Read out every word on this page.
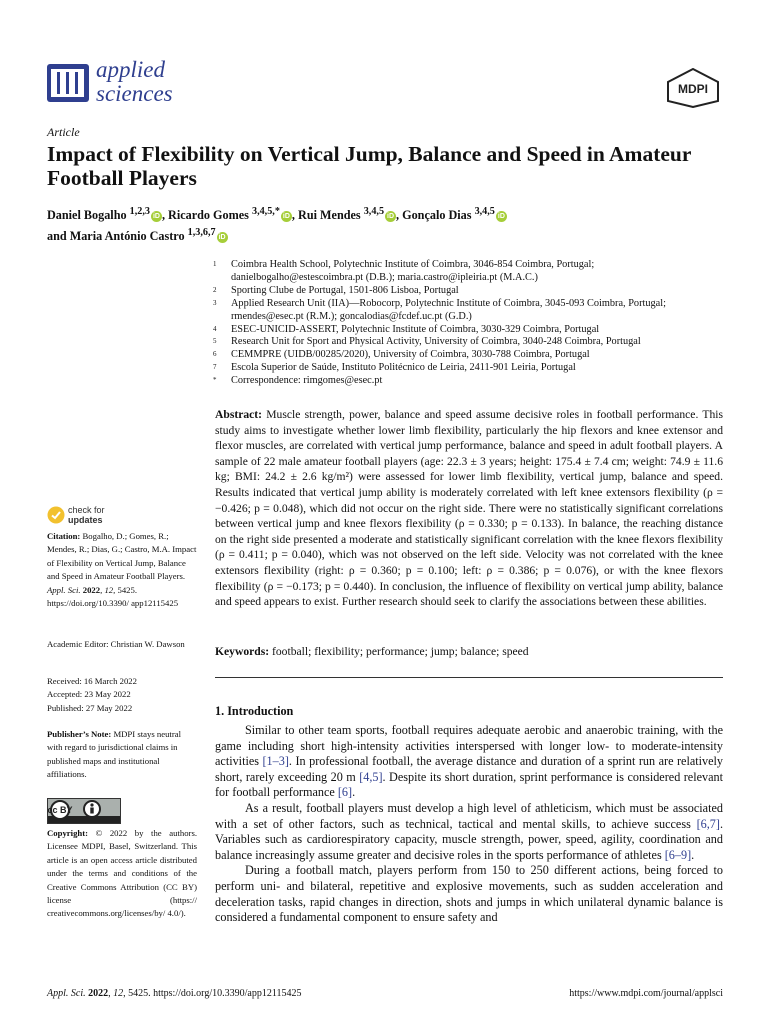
applied
sciences	MDPI
Article
Impact of Flexibility on Vertical Jump, Balance and Speed in Amateur Football Players
Daniel Bogalho $^{1,2,3}$ iD , Ricardo Gomes $^{3,4,5,*}$ iD , Rui Mendes $^{3,4,5}$ iD , Gonçalo Dias $^{3,4,5}$ iD
and Maria António Castro $^{1,3,6,7}$ iD
1	Coimbra Health School, Polytechnic Institute of Coimbra, 3046-854 Coimbra, Portugal;
danielbogalho@estescoimbra.pt (D.B.); maria.castro@ipleiria.pt (M.A.C.)
2	Sporting Clube de Portugal, 1501-806 Lisboa, Portugal
3	Applied Research Unit (IIA)—Robocorp, Polytechnic Institute of Coimbra, 3045-093 Coimbra, Portugal;
rmendes@esec.pt (R.M.); goncalodias@fcdef.uc.pt (G.D.)
4	ESEC-UNICID-ASSERT, Polytechnic Institute of Coimbra, 3030-329 Coimbra, Portugal
5	Research Unit for Sport and Physical Activity, University of Coimbra, 3040-248 Coimbra, Portugal
6	CEMMPRE (UIDB/00285/2020), University of Coimbra, 3030-788 Coimbra, Portugal
7	Escola Superior de Saúde, Instituto Politécnico de Leiria, 2411-901 Leiria, Portugal
*	Correspondence: rimgomes@esec.pt
Abstract: Muscle strength, power, balance and speed assume decisive roles in football performance. This study aims to investigate whether lower limb flexibility, particularly the hip flexors and knee extensor and flexor muscles, are correlated with vertical jump performance, balance and speed in adult football players. A sample of 22 male amateur football players (age: 22.3 ± 3 years; height: 175.4 ± 7.4 cm; weight: 74.9 ± 11.6 kg; BMI: 24.2 ± 2.6 kg/m²) were assessed for lower limb flexibility, vertical jump, balance and speed. Results indicated that vertical jump ability is moderately correlated with left knee extensors flexibility (ρ = −0.426; p = 0.048), which did not occur on the right side. There were no statistically significant correlations between vertical jump and knee flexors flexibility (ρ = 0.330; p = 0.133). In balance, the reaching distance on the right side presented a moderate and statistically significant correlation with the knee flexors flexibility (ρ = 0.411; p = 0.040), which was not observed on the left side. Velocity was not correlated with the knee extensors flexibility (right: ρ = 0.360; p = 0.100; left: ρ = 0.386; p = 0.076), or with the knee flexors flexibility (ρ = −0.173; p = 0.440). In conclusion, the influence of flexibility on vertical jump ability, balance and speed appears to exist. Further research should seek to clarify the associations between these abilities.
Keywords: football; flexibility; performance; jump; balance; speed
1. Introduction

Similar to other team sports, football requires adequate aerobic and anaerobic training, with the game including short high-intensity activities interspersed with longer low- to moderate-intensity activities [1–3]. In professional football, the average distance and duration of a sprint run are relatively short, rarely exceeding 20 m [4,5]. Despite its short duration, sprint performance is considered relevant for football performance [6].

As a result, football players must develop a high level of athleticism, which must be associated with a set of other factors, such as technical, tactical and mental skills, to achieve success [6,7]. Variables such as cardiorespiratory capacity, muscle strength, power, speed, agility, coordination and balance increasingly assume greater and decisive roles in the sports performance of athletes [6–9].

During a football match, players perform from 150 to 250 different actions, being forced to perform uni- and bilateral, repetitive and explosive movements, such as sudden acceleration and deceleration tasks, rapid changes in direction, shots and jumps in which unilateral dynamic balance is considered a fundamental component to ensure safety and

check for
updates
Citation: Bogalho, D.; Gomes, R.; Mendes, R.; Dias, G.; Castro, M.A. Impact of Flexibility on Vertical Jump, Balance and Speed in Amateur Football Players. Appl. Sci. 2022, 12, 5425. https://doi.org/10.3390/ app12115425
Academic Editor: Christian W. Dawson
Received: 16 March 2022
Accepted: 23 May 2022
Published: 27 May 2022
Publisher’s Note: MDPI stays neutral with regard to jurisdictional claims in published maps and institutional affiliations.
cc BY
Copyright: © 2022 by the authors. Licensee MDPI, Basel, Switzerland. This article is an open access article distributed under the terms and conditions of the Creative Commons Attribution (CC BY) license (https:// creativecommons.org/licenses/by/ 4.0/).
Appl. Sci. 2022, 12, 5425. https://doi.org/10.3390/app12115425	https://www.mdpi.com/journal/applsci
